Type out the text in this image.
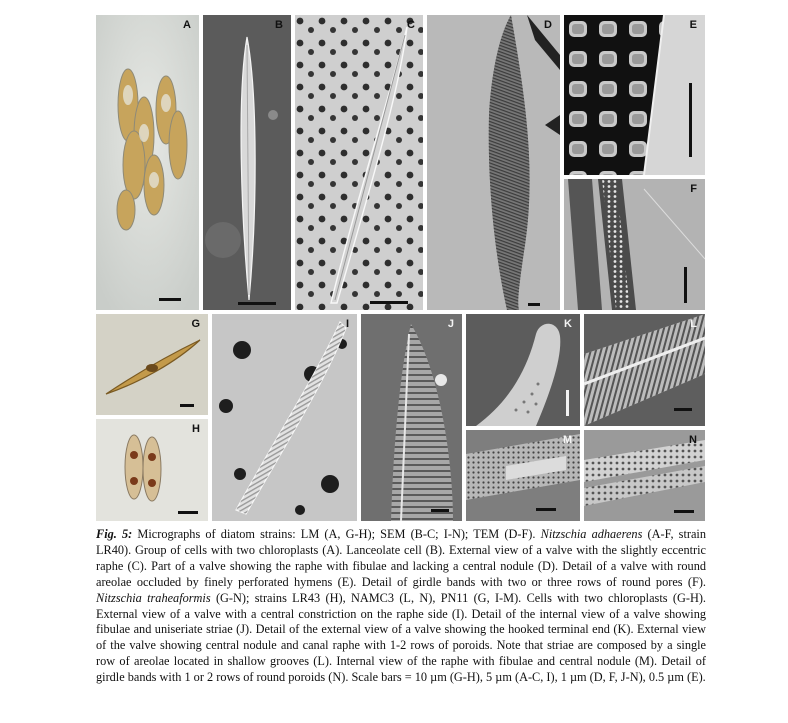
A	B	C	D	E
F
G
H
I	J	K	L
M	N
Fig. 5: Micrographs of diatom strains: LM (A, G-H); SEM (B-C; I-N); TEM (D-F). Nitzschia adhaerens (A-F, strain LR40). Group of cells with two chloroplasts (A). Lanceolate cell (B). External view of a valve with the slightly eccentric raphe (C). Part of a valve showing the raphe with fibulae and lacking a central nodule (D). Detail of a valve with round areolae occluded by finely perforated hymens (E). Detail of girdle bands with two or three rows of round pores (F). Nitzschia traheaformis (G-N); strains LR43 (H), NAMC3 (L, N), PN11 (G, I-M). Cells with two chloroplasts (G-H). External view of a valve with a central constriction on the raphe side (I). Detail of the internal view of a valve showing fibulae and uniseriate striae (J). Detail of the external view of a valve showing the hooked terminal end (K). External view of the valve showing central nodule and canal raphe with 1-2 rows of poroids. Note that striae are composed by a single row of areolae located in shallow grooves (L). Internal view of the raphe with fibulae and central nodule (M). Detail of girdle bands with 1 or 2 rows of round poroids (N). Scale bars = 10 µm (G-H), 5 µm (A-C, I), 1 µm (D, F, J-N), 0.5 µm (E).
